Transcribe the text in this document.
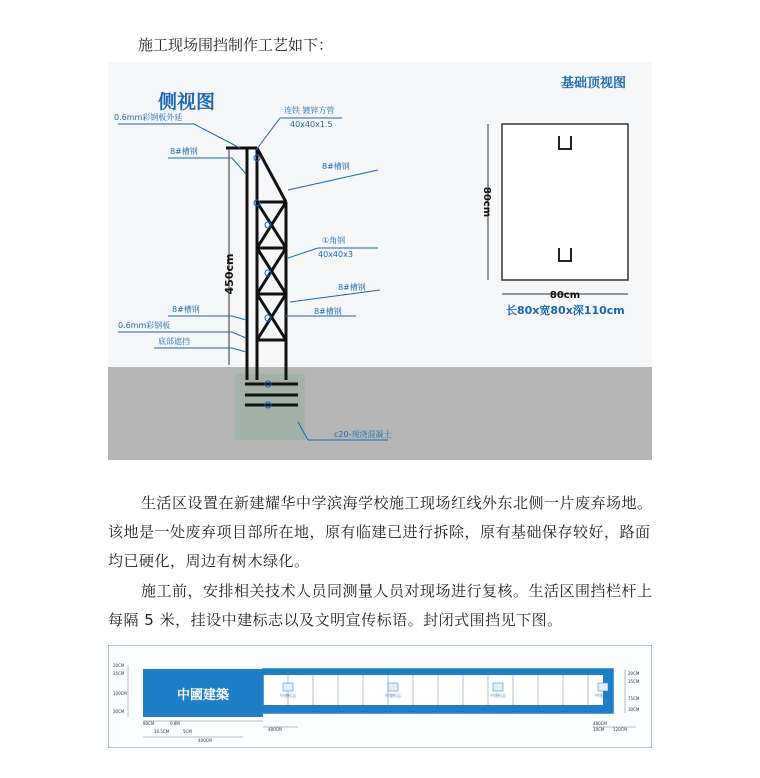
施工现场围挡制作工艺如下：
侧视图
基础顶视图
450cm
0.6mm彩钢板外延
连铁 镀锌方管
40x40x1.5
8#槽钢
8#槽钢
①角钢
40x40x3
8#槽钢
8#槽钢
8#槽钢
0.6mm彩钢板
底部遮挡
c20-现浇混凝土
80cm
80cm
长80x宽80x深110cm

生活区设置在新建耀华中学滨海学校施工现场红线外东北侧一片废弃场地。该地是一处废弃项目部所在地，原有临建已进行拆除，原有基础保存较好，路面均已硬化，周边有树木绿化。

施工前，安排相关技术人员同测量人员对现场进行复核。生活区围挡栏杆上每隔 5 米，挂设中建标志以及文明宣传标语。封闭式围挡见下图。

中國建築	中建标志	中建标志	中建标志	中建标志
20CM
35CM
100CM
30CM
20CM
35CM
75CM
30CM
80CM	0.8M
10.5CM	5CM
400CM
480CM
480CM
10CM 120CM
